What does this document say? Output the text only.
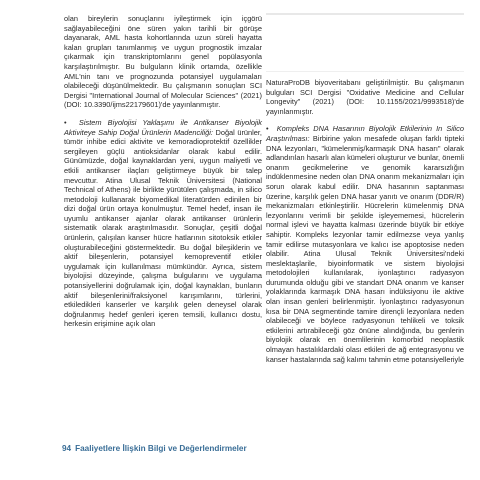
olan bireylerin sonuçlarını iyileştirmek için içgörü sağlayabileceğini öne süren yakın tarihli bir görüşe dayanarak, AML hasta kohortlarında uzun süreli hayatta kalan grupları tanımlanmış ve uygun prognostik imzalar çıkarmak için transkriptomlarını genel popülasyonla karşılaştırılmıştır. Bu bulguların klinik ortamda, özellikle AML'nin tanı ve prognozunda potansiyel uygulamaları olabileceği düşünülmektedir. Bu çalışmanın sonuçları SCI Dergisi "International Journal of Molecular Sciences" (2021) (DOI: 10.3390/ijms22179601)'de yayınlanmıştır.

•  Sistem Biyolojisi Yaklaşımı ile Antikanser Biyolojik Aktiviteye Sahip Doğal Ürünlerin Madenciliği: Doğal ürünler, tümör inhibe edici aktivite ve kemoradioprotektif özellikler sergileyen güçlü antioksidanlar olarak kabul edilir. Günümüzde, doğal kaynaklardan yeni, uygun maliyetli ve etkili antikanser ilaçları geliştirmeye büyük bir talep mevcuttur. Atina Ulusal Teknik Üniversitesi (National Technical of Athens) ile birlikte yürütülen çalışmada, in silico metodoloji kullanarak biyomedikal literatürden edinilen bir dizi doğal ürün ortaya konulmuştur. Temel hedef, insan ile uyumlu antikanser ajanlar olarak antikanser ürünlerin sistematik olarak araştırılmasıdır. Sonuçlar, çeşitli doğal ürünlerin, çalışılan kanser hücre hatlarının sitotoksik etkiler oluşturabileceğini göstermektedir. Bu doğal bileşiklerin ve aktif bileşenlerin, potansiyel kemopreventif etkiler uygulamak için kullanılması mümkündür. Ayrıca, sistem biyolojisi düzeyinde, çalışma bulgularını ve uygulama potansiyellerini doğrulamak için, doğal kaynakları, bunların aktif bileşenlerini/fraksiyonel karışımlarını, türlerini, etkiledikleri kanserler ve karşılık gelen deneysel olarak doğrulanmış hedef genleri içeren temsili, kullanıcı dostu, herkesin erişimine açık olan

NaturaProDB biyoveritabanı geliştirilmiştir. Bu çalışmanın bulguları SCI Dergisi "Oxidative Medicine and Cellular Longevity" (2021) (DOI: 10.1155/2021/9993518)'de yayınlanmıştır.

•  Kompleks DNA Hasarının Biyolojik Etkilerinin In Silico Araştırılması: Birbirine yakın mesafede oluşan farklı tipteki DNA lezyonları, "kümelenmiş/karmaşık DNA hasarı" olarak adlandırılan hasarlı alan kümeleri oluşturur ve bunlar, önemli onarım gecikmelerine ve genomik kararsızlığın indüklenmesine neden olan DNA onarım mekanizmaları için sorun olarak kabul edilir. DNA hasarının saptanması üzerine, karşılık gelen DNA hasar yanıtı ve onarım (DDR/R) mekanizmaları etkinleştirilir. Hücrelerin kümelenmiş DNA lezyonlarını verimli bir şekilde işleyememesi, hücrelerin normal işlevi ve hayatta kalması üzerinde büyük bir etkiye sahiptir. Kompleks lezyonlar tamir edilmezse veya yanlış tamir edilirse mutasyonlara ve kalıcı ise apoptosise neden olabilir. Atina Ulusal Teknik Üniversitesi'ndeki meslektaşlarile, biyoinformatik ve sistem biyolojisi metodolojileri kullanılarak, iyonlaştırıcı radyasyon durumunda olduğu gibi ve standart DNA onarım ve kanser yolaklarında karmaşık DNA hasarı indüksiyonu ile aktive olan insan genleri belirlenmiştir. İyonlaştırıcı radyasyonun kısa bir DNA segmentinde tamire dirençli lezyonlara neden olabileceği ve böylece radyasyonun tehlikeli ve toksik etkilerini artırabileceği göz önüne alındığında, bu genlerin biyolojik olarak en önemlilerinin komorbid neoplastik olmayan hastalıklardaki olası etkileri de ağ entegrasyonu ve kanser hastalarında sağ kalımı tahmin etme potansiyelleriyle

94 Faaliyetlere İlişkin Bilgi ve Değerlendirmeler
